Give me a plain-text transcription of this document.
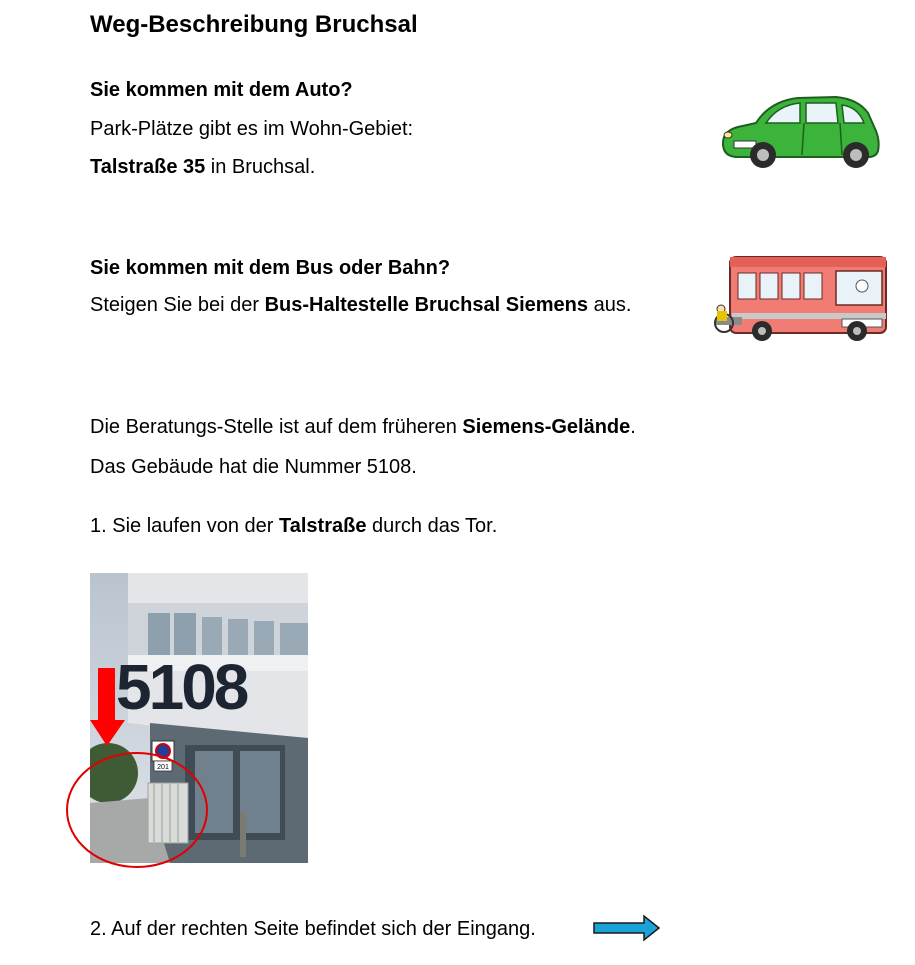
Weg-Beschreibung Bruchsal
Sie kommen mit dem Auto?
Park-Plätze gibt es im Wohn-Gebiet:
Talstraße 35 in Bruchsal.
Sie kommen mit dem Bus oder Bahn?
Steigen Sie bei der Bus-Haltestelle Bruchsal Siemens aus.
Die Beratungs-Stelle ist auf dem früheren Siemens-Gelände.
Das Gebäude hat die Nummer 5108.
1. Sie laufen von der Talstraße durch das Tor.
201
5108
2. Auf der rechten Seite befindet sich der Eingang.
